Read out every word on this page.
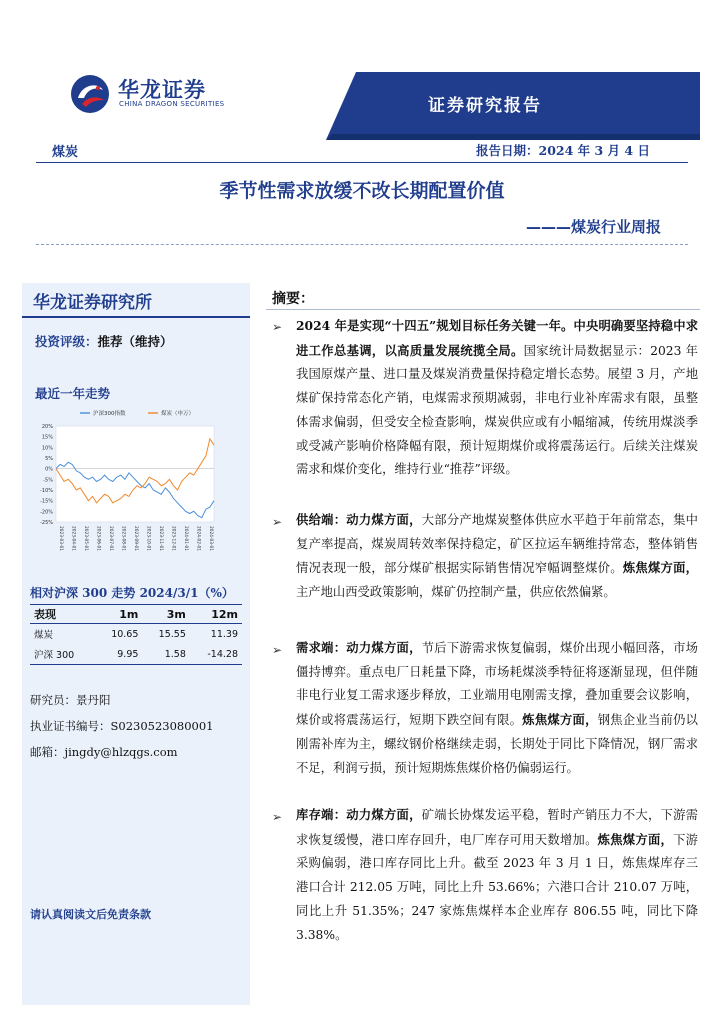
华龙证券
CHINA DRAGON SECURITIES	证券研究报告
煤炭	报告日期：2024 年 3 月 4 日
季节性需求放缓不改长期配置价值
———煤炭行业周报
华龙证券研究所
投资评级：推荐（维持）
最近一年走势
20%
15%
10%
5%
0%
-5%
-10%
-15%
-20%
-25%
2023-03-01 2023-04-01 2023-05-01 2023-06-01 2023-07-01 2023-08-01 2023-09-01 2023-10-01 2023-11-01 2023-12-01 2024-01-01 2024-02-01 2024-03-01
沪深300指数	煤炭（申万）
相对沪深 300 走势 2024/3/1（%）
表现	1m	3m	12m
煤炭	10.65	15.55	11.39
沪深 300	9.95	1.58	-14.28
研究员：景丹阳
执业证书编号：S0230523080001
邮箱：jingdy@hlzqgs.com
请认真阅读文后免责条款
摘要：
➢ 2024 年是实现“十四五”规划目标任务关键一年。中央明确要坚持稳中求进工作总基调，以高质量发展统揽全局。国家统计局数据显示：2023 年我国原煤产量、进口量及煤炭消费量保持稳定增长态势。展望 3 月，产地煤矿保持常态化产销，电煤需求预期减弱，非电行业补库需求有限，虽整体需求偏弱，但受安全检查影响，煤炭供应或有小幅缩减，传统用煤淡季或受减产影响价格降幅有限，预计短期煤价或将震荡运行。后续关注煤炭需求和煤价变化，维持行业“推荐”评级。
➢ 供给端：动力煤方面，大部分产地煤炭整体供应水平趋于年前常态，集中复产率提高，煤炭周转效率保持稳定，矿区拉运车辆维持常态，整体销售情况表现一般，部分煤矿根据实际销售情况窄幅调整煤价。炼焦煤方面，主产地山西受政策影响，煤矿仍控制产量，供应依然偏紧。
➢ 需求端：动力煤方面，节后下游需求恢复偏弱，煤价出现小幅回落，市场僵持博弈。重点电厂日耗量下降，市场耗煤淡季特征将逐渐显现，但伴随非电行业复工需求逐步释放，工业端用电刚需支撑，叠加重要会议影响，煤价或将震荡运行，短期下跌空间有限。炼焦煤方面，钢焦企业当前仍以刚需补库为主，螺纹钢价格继续走弱，长期处于同比下降情况，钢厂需求不足，利润亏损，预计短期炼焦煤价格仍偏弱运行。
➢ 库存端：动力煤方面，矿端长协煤发运平稳，暂时产销压力不大，下游需求恢复缓慢，港口库存回升，电厂库存可用天数增加。炼焦煤方面，下游采购偏弱，港口库存同比上升。截至 2023 年 3 月 1 日，炼焦煤库存三港口合计 212.05 万吨，同比上升 53.66%；六港口合计 210.07 万吨，同比上升 51.35%；247 家炼焦煤样本企业库存 806.55 吨，同比下降 3.38%。
